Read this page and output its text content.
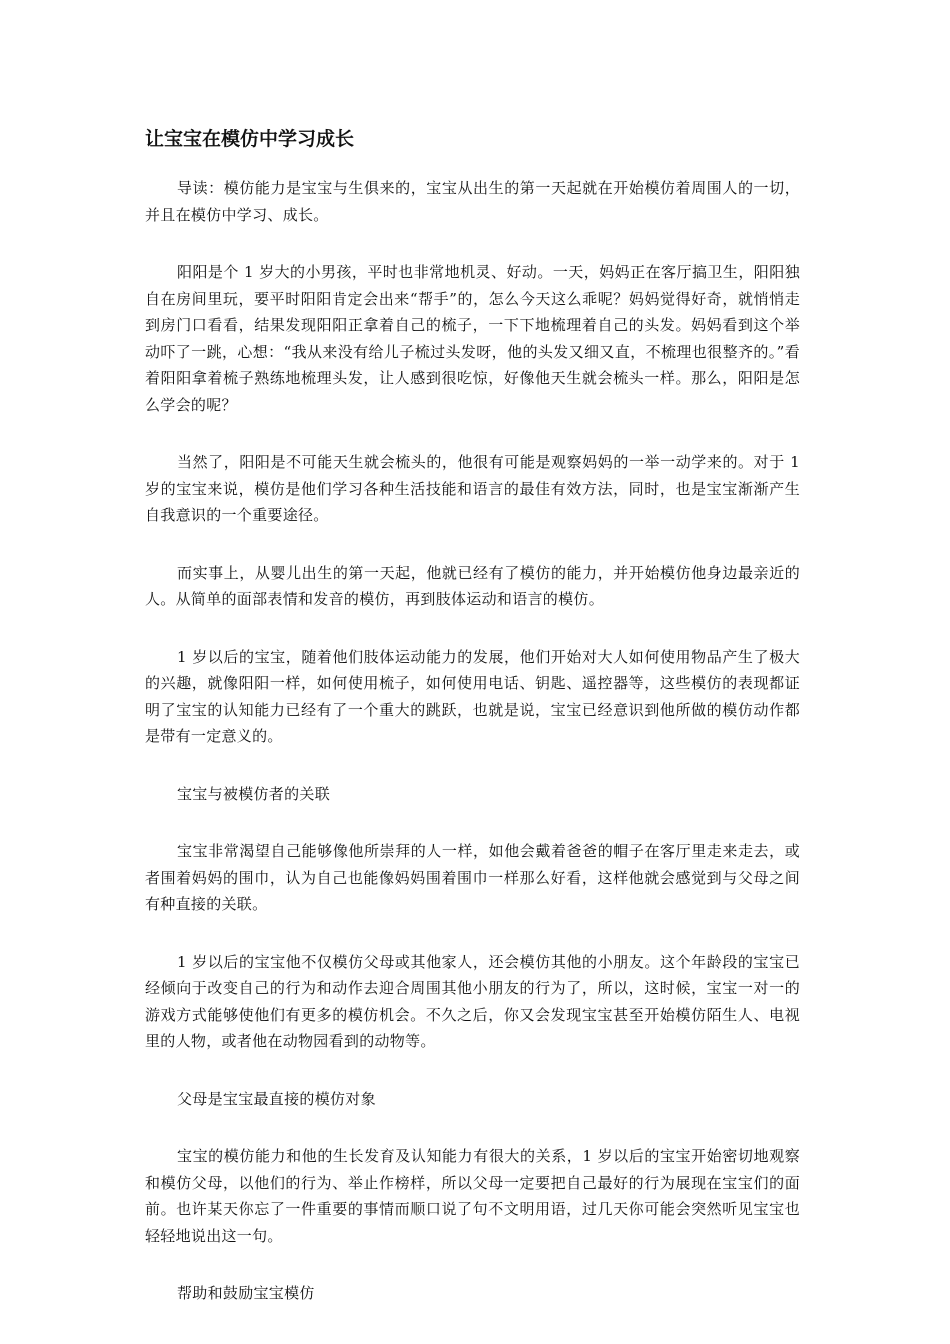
让宝宝在模仿中学习成长

导读：模仿能力是宝宝与生俱来的，宝宝从出生的第一天起就在开始模仿着周围人的一切，并且在模仿中学习、成长。

阳阳是个 1 岁大的小男孩，平时也非常地机灵、好动。一天，妈妈正在客厅搞卫生，阳阳独自在房间里玩，要平时阳阳肯定会出来“帮手”的，怎么今天这么乖呢？妈妈觉得好奇，就悄悄走到房门口看看，结果发现阳阳正拿着自己的梳子，一下下地梳理着自己的头发。妈妈看到这个举动吓了一跳，心想：“我从来没有给儿子梳过头发呀，他的头发又细又直，不梳理也很整齐的。”看着阳阳拿着梳子熟练地梳理头发，让人感到很吃惊，好像他天生就会梳头一样。那么，阳阳是怎么学会的呢？

当然了，阳阳是不可能天生就会梳头的，他很有可能是观察妈妈的一举一动学来的。对于 1 岁的宝宝来说，模仿是他们学习各种生活技能和语言的最佳有效方法，同时，也是宝宝渐渐产生自我意识的一个重要途径。

而实事上，从婴儿出生的第一天起，他就已经有了模仿的能力，并开始模仿他身边最亲近的人。从简单的面部表情和发音的模仿，再到肢体运动和语言的模仿。

1 岁以后的宝宝，随着他们肢体运动能力的发展，他们开始对大人如何使用物品产生了极大的兴趣，就像阳阳一样，如何使用梳子，如何使用电话、钥匙、遥控器等，这些模仿的表现都证明了宝宝的认知能力已经有了一个重大的跳跃，也就是说，宝宝已经意识到他所做的模仿动作都是带有一定意义的。

宝宝与被模仿者的关联

宝宝非常渴望自己能够像他所崇拜的人一样，如他会戴着爸爸的帽子在客厅里走来走去，或者围着妈妈的围巾，认为自己也能像妈妈围着围巾一样那么好看，这样他就会感觉到与父母之间有种直接的关联。

1 岁以后的宝宝他不仅模仿父母或其他家人，还会模仿其他的小朋友。这个年龄段的宝宝已经倾向于改变自己的行为和动作去迎合周围其他小朋友的行为了，所以，这时候，宝宝一对一的游戏方式能够使他们有更多的模仿机会。不久之后，你又会发现宝宝甚至开始模仿陌生人、电视里的人物，或者他在动物园看到的动物等。

父母是宝宝最直接的模仿对象

宝宝的模仿能力和他的生长发育及认知能力有很大的关系，1 岁以后的宝宝开始密切地观察和模仿父母，以他们的行为、举止作榜样，所以父母一定要把自己最好的行为展现在宝宝们的面前。也许某天你忘了一件重要的事情而顺口说了句不文明用语，过几天你可能会突然听见宝宝也轻轻地说出这一句。

帮助和鼓励宝宝模仿
